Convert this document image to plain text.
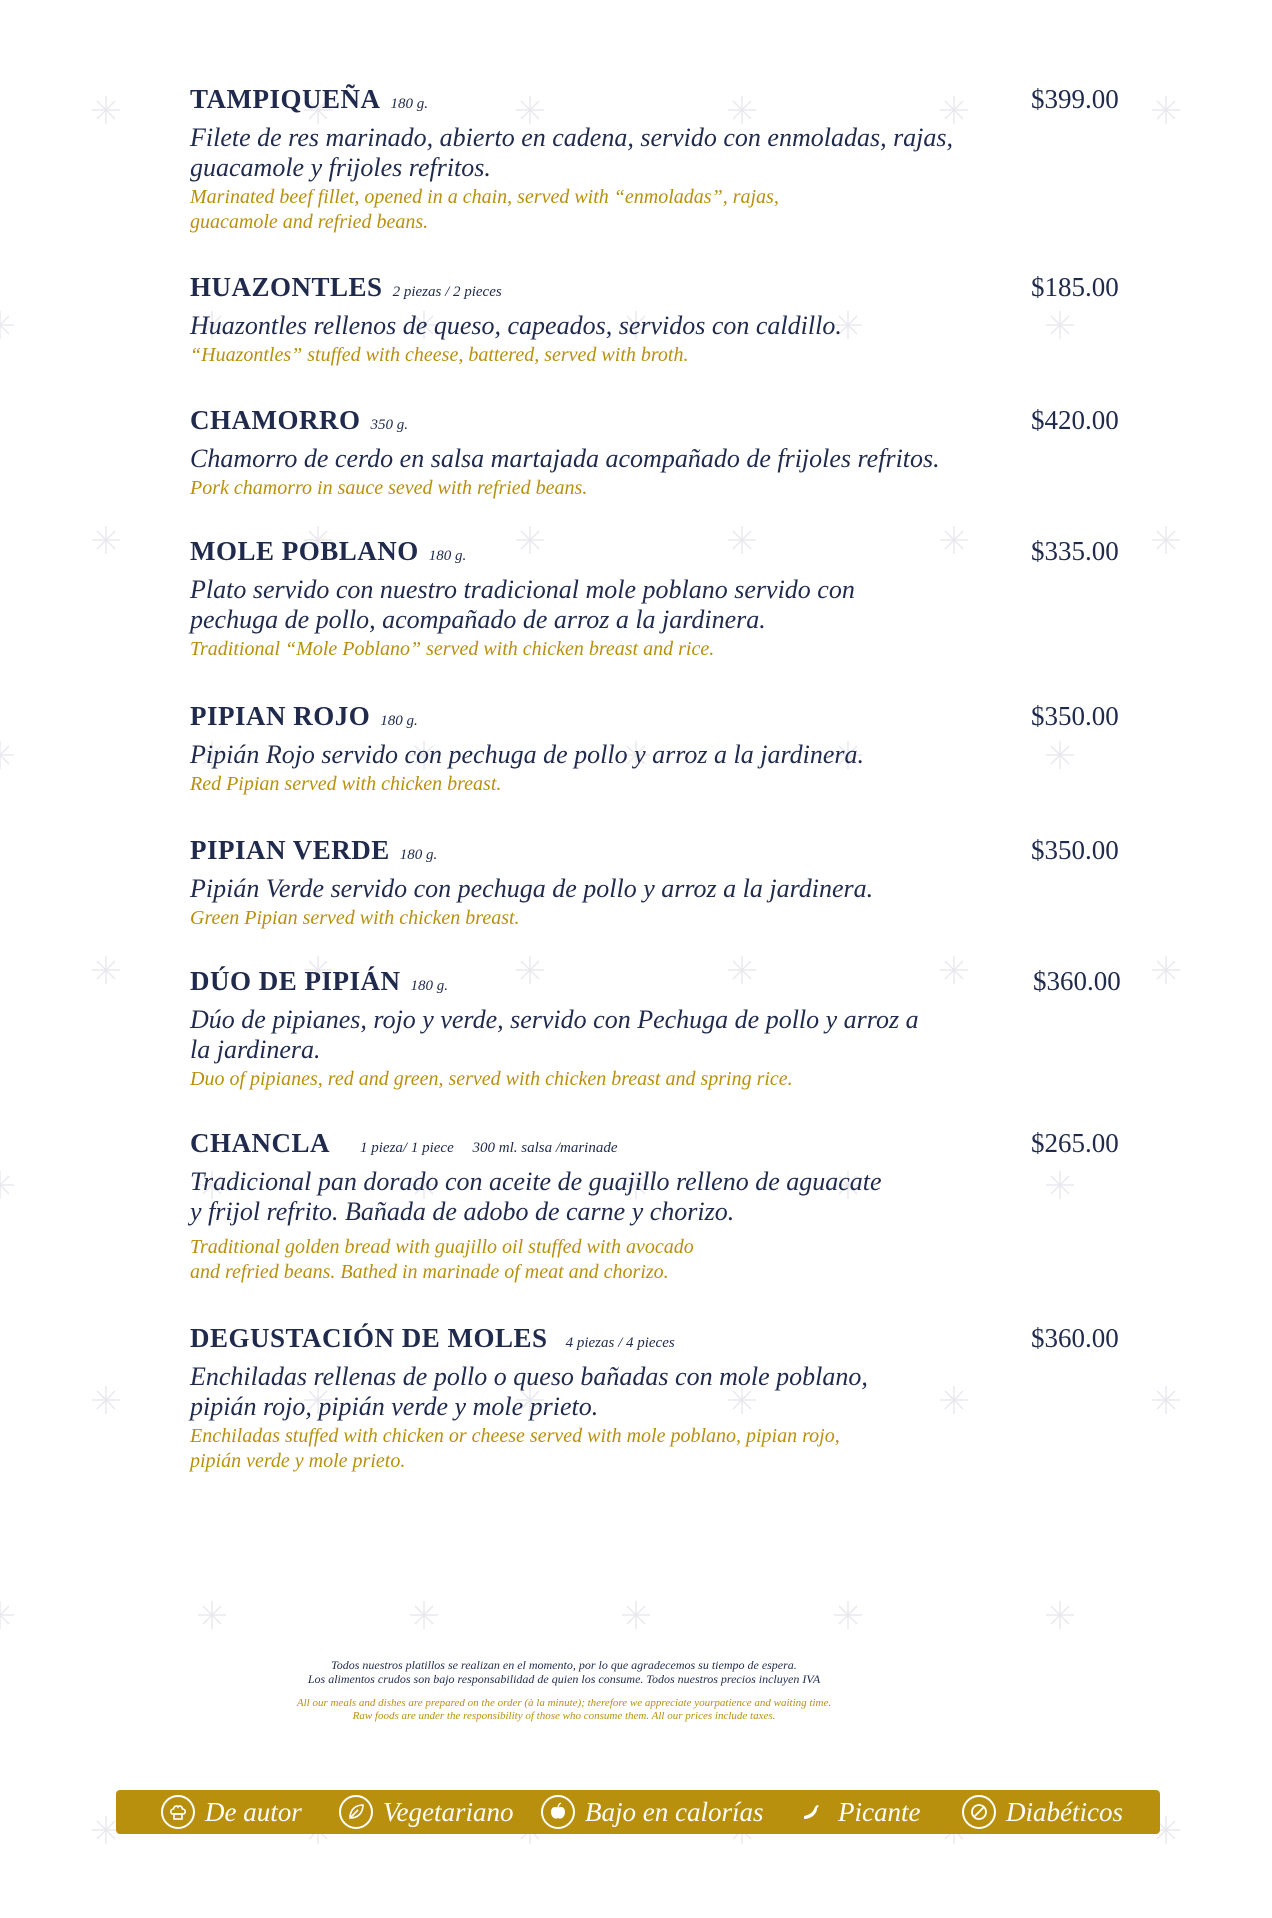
TAMPIQUEÑA 180 g.
Filete de res marinado, abierto en cadena, servido con enmoladas, rajas,
guacamole y frijoles refritos.
Marinated beef fillet, opened in a chain, served with “enmoladas”, rajas,
guacamole and refried beans.
$399.00
HUAZONTLES 2 piezas / 2 pieces
Huazontles rellenos de queso, capeados, servidos con caldillo.
“Huazontles” stuffed with cheese, battered, served with broth.
$185.00
CHAMORRO 350 g.
Chamorro de cerdo en salsa martajada acompañado de frijoles refritos.
Pork chamorro in sauce seved with refried beans.
$420.00
MOLE POBLANO 180 g.
Plato servido con nuestro tradicional mole poblano servido con
pechuga de pollo, acompañado de arroz a la jardinera.
Traditional “Mole Poblano” served with chicken breast and rice.
$335.00
PIPIAN ROJO 180 g.
Pipián Rojo servido con pechuga de pollo y arroz a la jardinera.
Red Pipian served with chicken breast.
$350.00
PIPIAN VERDE 180 g.
Pipián Verde servido con pechuga de pollo y arroz a la jardinera.
Green Pipian served with chicken breast.
$350.00
DÚO DE PIPIÁN 180 g.
Dúo de pipianes, rojo y verde, servido con Pechuga de pollo y arroz a
la jardinera.
Duo of pipianes, red and green, served with chicken breast and spring rice.
$360.00
CHANCLA 1 pieza/ 1 piece     300 ml. salsa /marinade
Tradicional pan dorado con aceite de guajillo relleno de aguacate
y frijol refrito. Bañada de adobo de carne y chorizo.
Traditional golden bread with guajillo oil stuffed with avocado
and refried beans. Bathed in marinade of meat and chorizo.
$265.00
DEGUSTACIÓN DE MOLES 4 piezas / 4 pieces
Enchiladas rellenas de pollo o queso bañadas con mole poblano,
pipián rojo, pipián verde y mole prieto.
Enchiladas stuffed with chicken or cheese served with mole poblano, pipian rojo,
pipián verde y mole prieto.
$360.00
Todos nuestros platillos se realizan en el momento, por lo que agradecemos su tiempo de espera.
Los alimentos crudos son bajo responsabilidad de quien los consume. Todos nuestros precios incluyen IVA
All our meals and dishes are prepared on the order (à la minute); therefore we appreciate yourpatience and waiting time.
Raw foods are under the responsibility of those who consume them. All our prices include taxes.
De autor	Vegetariano	Bajo en calorías	Picante	Diabéticos
